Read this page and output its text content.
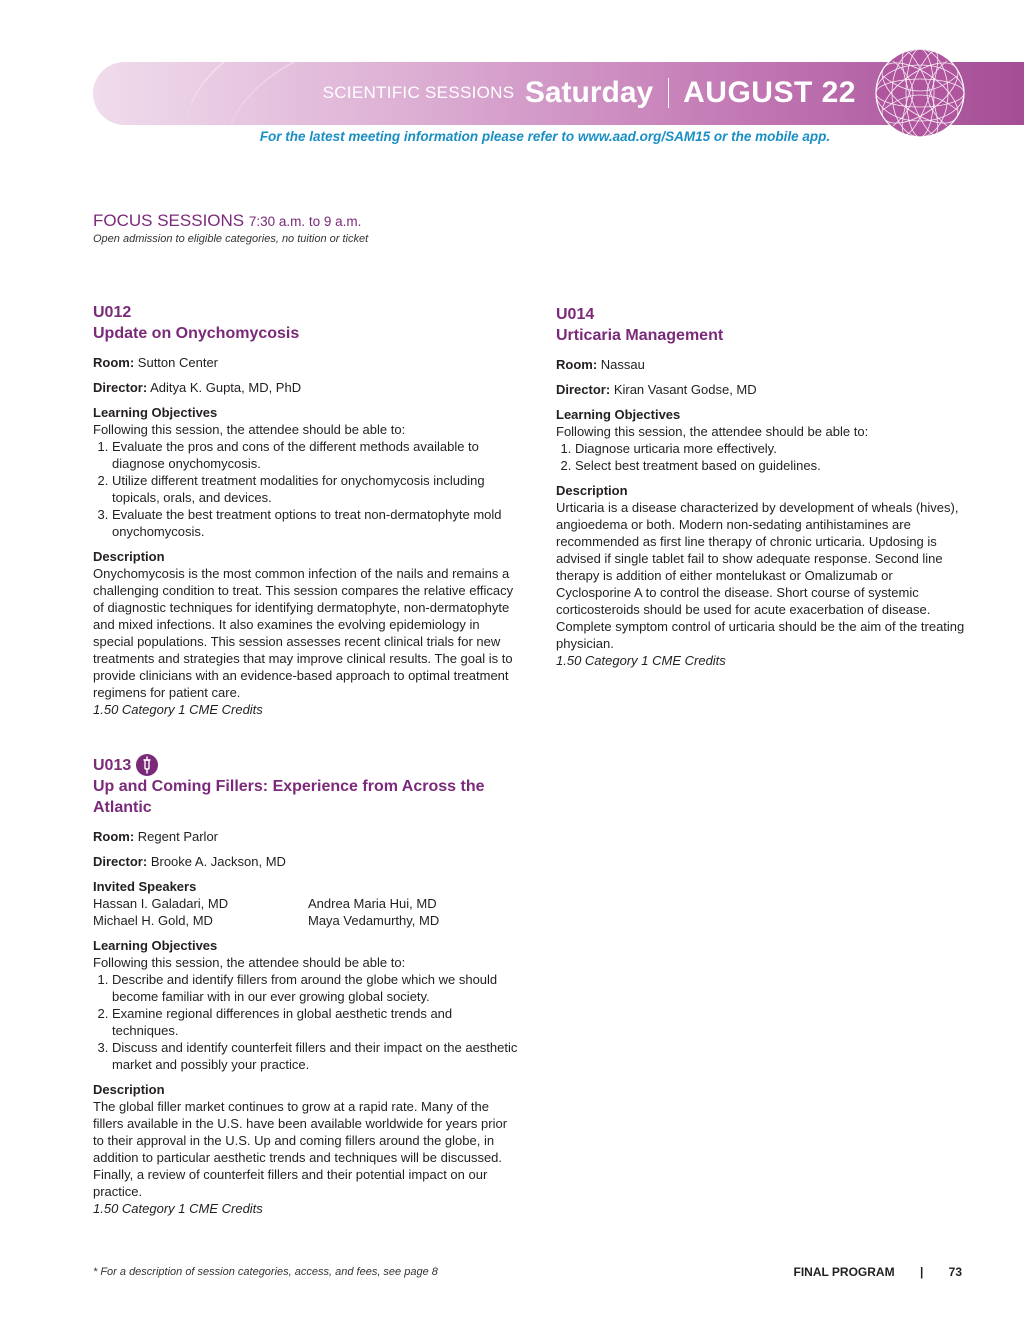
SCIENTIFIC SESSIONS Saturday AUGUST 22
For the latest meeting information please refer to www.aad.org/SAM15 or the mobile app.
FOCUS SESSIONS 7:30 a.m. to 9 a.m.
Open admission to eligible categories, no tuition or ticket
U012
Update on Onychomycosis
Room: Sutton Center
Director: Aditya K. Gupta, MD, PhD
Learning Objectives
Following this session, the attendee should be able to:
1. Evaluate the pros and cons of the different methods available to diagnose onychomycosis.
2. Utilize different treatment modalities for onychomycosis including topicals, orals, and devices.
3. Evaluate the best treatment options to treat non-dermatophyte mold onychomycosis.
Description

Onychomycosis is the most common infection of the nails and remains a challenging condition to treat. This session compares the relative efficacy of diagnostic techniques for identifying dermatophyte, non-dermatophyte and mixed infections. It also examines the evolving epidemiology in special populations. This session assesses recent clinical trials for new treatments and strategies that may improve clinical results. The goal is to provide clinicians with an evidence-based approach to optimal treatment regimens for patient care.

1.50 Category 1 CME Credits
U013
Up and Coming Fillers: Experience from Across the Atlantic
Room: Regent Parlor
Director: Brooke A. Jackson, MD
Invited Speakers
Hassan I. Galadari, MD	Andrea Maria Hui, MD
Michael H. Gold, MD	Maya Vedamurthy, MD
Learning Objectives
Following this session, the attendee should be able to:
1. Describe and identify fillers from around the globe which we should become familiar with in our ever growing global society.
2. Examine regional differences in global aesthetic trends and techniques.
3. Discuss and identify counterfeit fillers and their impact on the aesthetic market and possibly your practice.
Description

The global filler market continues to grow at a rapid rate. Many of the fillers available in the U.S. have been available worldwide for years prior to their approval in the U.S. Up and coming fillers around the globe, in addition to particular aesthetic trends and techniques will be discussed. Finally, a review of counterfeit fillers and their potential impact on our practice.

1.50 Category 1 CME Credits
U014
Urticaria Management
Room: Nassau
Director: Kiran Vasant Godse, MD
Learning Objectives
Following this session, the attendee should be able to:
1. Diagnose urticaria more effectively.
2. Select best treatment based on guidelines.
Description

Urticaria is a disease characterized by development of wheals (hives), angioedema or both. Modern non-sedating antihistamines are recommended as first line therapy of chronic urticaria. Updosing is advised if single tablet fail to show adequate response. Second line therapy is addition of either montelukast or Omalizumab or Cyclosporine A to control the disease. Short course of systemic corticosteroids should be used for acute exacerbation of disease. Complete symptom control of urticaria should be the aim of the treating physician.

1.50 Category 1 CME Credits
* For a description of session categories, access, and fees, see page 8	FINAL PROGRAM | 73
